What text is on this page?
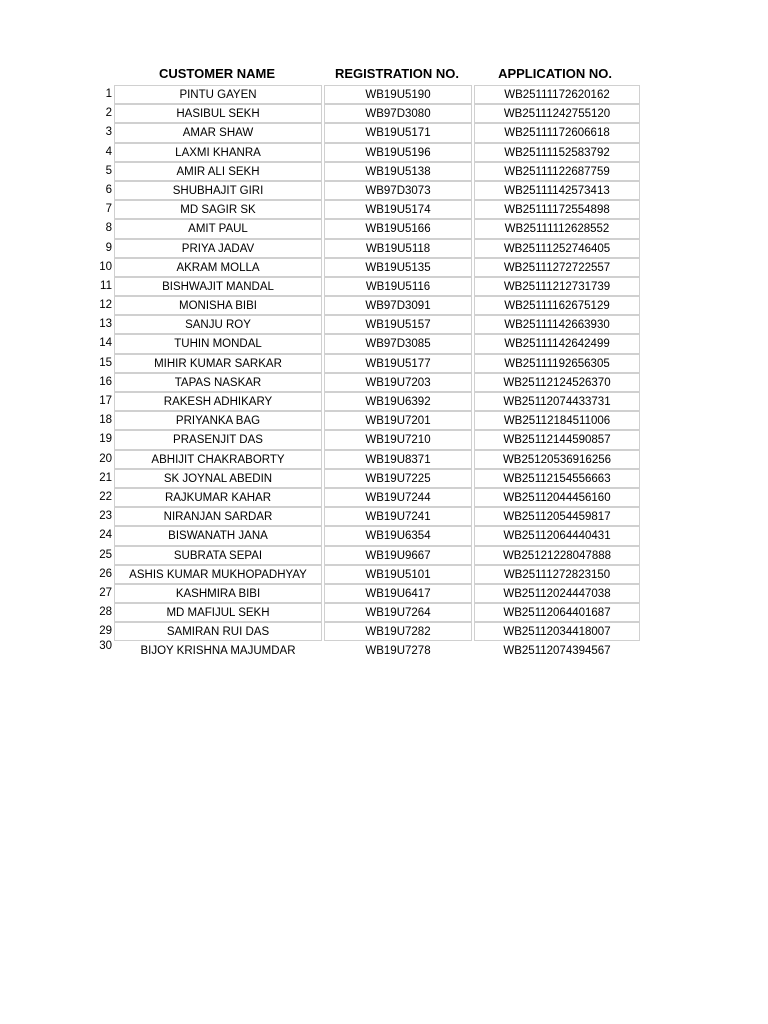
CUSTOMER NAME	REGISTRATION NO.	APPLICATION NO.
1	PINTU GAYEN	WB19U5190	WB25111172620162
2	HASIBUL SEKH	WB97D3080	WB25111242755120
3	AMAR SHAW	WB19U5171	WB25111172606618
4	LAXMI KHANRA	WB19U5196	WB25111152583792
5	AMIR ALI SEKH	WB19U5138	WB25111122687759
6	SHUBHAJIT GIRI	WB97D3073	WB25111142573413
7	MD SAGIR SK	WB19U5174	WB25111172554898
8	AMIT PAUL	WB19U5166	WB25111112628552
9	PRIYA JADAV	WB19U5118	WB25111252746405
10	AKRAM MOLLA	WB19U5135	WB25111272722557
11	BISHWAJIT MANDAL	WB19U5116	WB25111212731739
12	MONISHA BIBI	WB97D3091	WB25111162675129
13	SANJU ROY	WB19U5157	WB25111142663930
14	TUHIN MONDAL	WB97D3085	WB25111142642499
15	MIHIR KUMAR SARKAR	WB19U5177	WB25111192656305
16	TAPAS NASKAR	WB19U7203	WB25112124526370
17	RAKESH ADHIKARY	WB19U6392	WB25112074433731
18	PRIYANKA BAG	WB19U7201	WB25112184511006
19	PRASENJIT DAS	WB19U7210	WB25112144590857
20	ABHIJIT CHAKRABORTY	WB19U8371	WB25120536916256
21	SK JOYNAL ABEDIN	WB19U7225	WB25112154556663
22	RAJKUMAR KAHAR	WB19U7244	WB25112044456160
23	NIRANJAN SARDAR	WB19U7241	WB25112054459817
24	BISWANATH JANA	WB19U6354	WB25112064440431
25	SUBRATA SEPAI	WB19U9667	WB25121228047888
26	ASHIS KUMAR MUKHOPADHYAY	WB19U5101	WB25111272823150
27	KASHMIRA BIBI	WB19U6417	WB25112024447038
28	MD MAFIJUL SEKH	WB19U7264	WB25112064401687
29	SAMIRAN RUI DAS	WB19U7282	WB25112034418007
30	BIJOY KRISHNA MAJUMDAR	WB19U7278	WB25112074394567
